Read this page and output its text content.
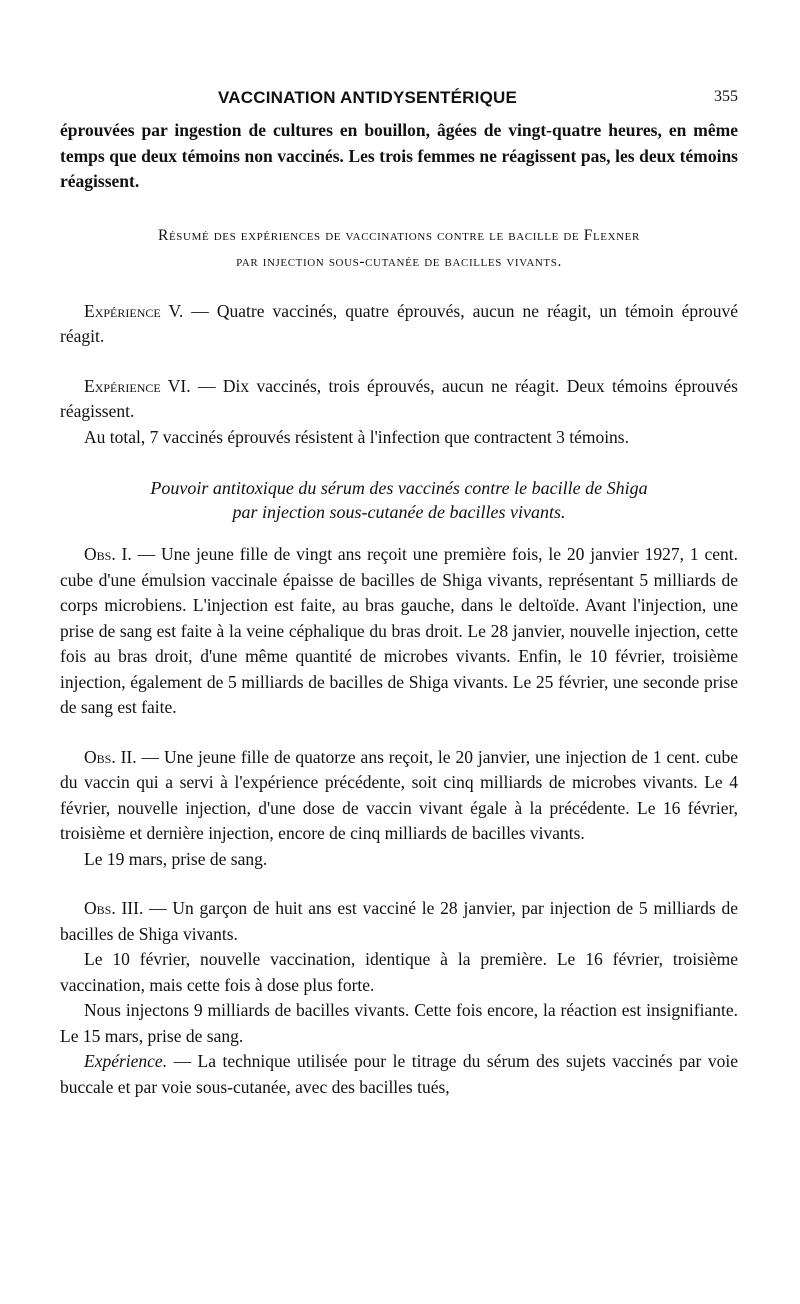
VACCINATION ANTIDYSENTÉRIQUE	355

éprouvées par ingestion de cultures en bouillon, âgées de vingt-quatre heures, en même temps que deux témoins non vaccinés. Les trois femmes ne réagissent pas, les deux témoins réagissent.

Résumé des expériences de vaccinations contre le bacille de Flexner
par injection sous-cutanée de bacilles vivants.

Expérience V. — Quatre vaccinés, quatre éprouvés, aucun ne réagit, un témoin éprouvé réagit.

Expérience VI. — Dix vaccinés, trois éprouvés, aucun ne réagit. Deux témoins éprouvés réagissent.

Au total, 7 vaccinés éprouvés résistent à l'infection que contractent 3 témoins.

Pouvoir antitoxique du sérum des vaccinés contre le bacille de Shiga
par injection sous-cutanée de bacilles vivants.

Obs. I. — Une jeune fille de vingt ans reçoit une première fois, le 20 janvier 1927, 1 cent. cube d'une émulsion vaccinale épaisse de bacilles de Shiga vivants, représentant 5 milliards de corps microbiens. L'injection est faite, au bras gauche, dans le deltoïde. Avant l'injection, une prise de sang est faite à la veine céphalique du bras droit. Le 28 janvier, nouvelle injection, cette fois au bras droit, d'une même quantité de microbes vivants. Enfin, le 10 février, troisième injection, également de 5 milliards de bacilles de Shiga vivants. Le 25 février, une seconde prise de sang est faite.

Obs. II. — Une jeune fille de quatorze ans reçoit, le 20 janvier, une injection de 1 cent. cube du vaccin qui a servi à l'expérience précédente, soit cinq milliards de microbes vivants. Le 4 février, nouvelle injection, d'une dose de vaccin vivant égale à la précédente. Le 16 février, troisième et dernière injection, encore de cinq milliards de bacilles vivants.

Le 19 mars, prise de sang.

Obs. III. — Un garçon de huit ans est vacciné le 28 janvier, par injection de 5 milliards de bacilles de Shiga vivants.

Le 10 février, nouvelle vaccination, identique à la première. Le 16 février, troisième vaccination, mais cette fois à dose plus forte.

Nous injectons 9 milliards de bacilles vivants. Cette fois encore, la réaction est insignifiante. Le 15 mars, prise de sang.

Expérience. — La technique utilisée pour le titrage du sérum des sujets vaccinés par voie buccale et par voie sous-cutanée, avec des bacilles tués,
